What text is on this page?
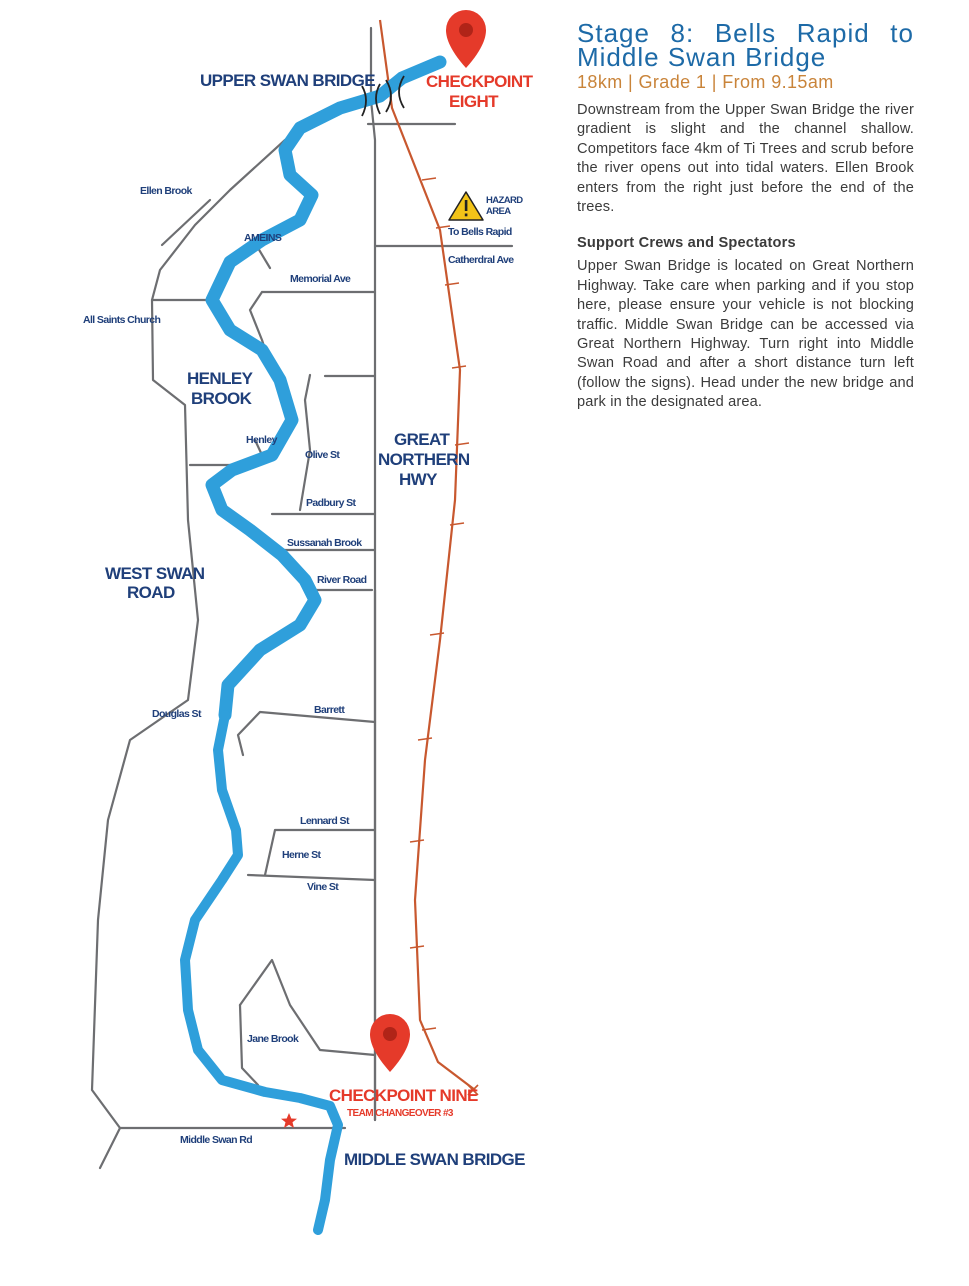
UPPER SWAN BRIDGE	CHECKPOINT
EIGHT
HAZARD
AREA
To Bells Rapid
Ellen Brook
AMEINS
Catherdral Ave
Memorial Ave
All Saints Church
HENLEY
BROOK
Henley
Olive St
GREAT
NORTHERN
HWY
Padbury St
Sussanah Brook
WEST SWAN
ROAD
River Road
Douglas St	Barrett
Lennard St
Herne St
Vine St
Jane Brook
CHECKPOINT NINE
TEAM CHANGEOVER #3
Middle Swan Rd
MIDDLE SWAN BRIDGE
Stage 8: Bells Rapid to
Middle Swan Bridge
18km | Grade 1 | From 9.15am

Downstream from the Upper Swan Bridge the river gradient is slight and the channel shallow. Competitors face 4km of Ti Trees and scrub before the river opens out into tidal waters. Ellen Brook enters from the right just before the end of the trees.

Support Crews and Spectators

Upper Swan Bridge is located on Great Northern Highway. Take care when parking and if you stop here, please ensure your vehicle is not blocking traffic. Middle Swan Bridge can be accessed via Great Northern Highway. Turn right into Middle Swan Road and after a short distance turn left (follow the signs). Head under the new bridge and park in the designated area.
